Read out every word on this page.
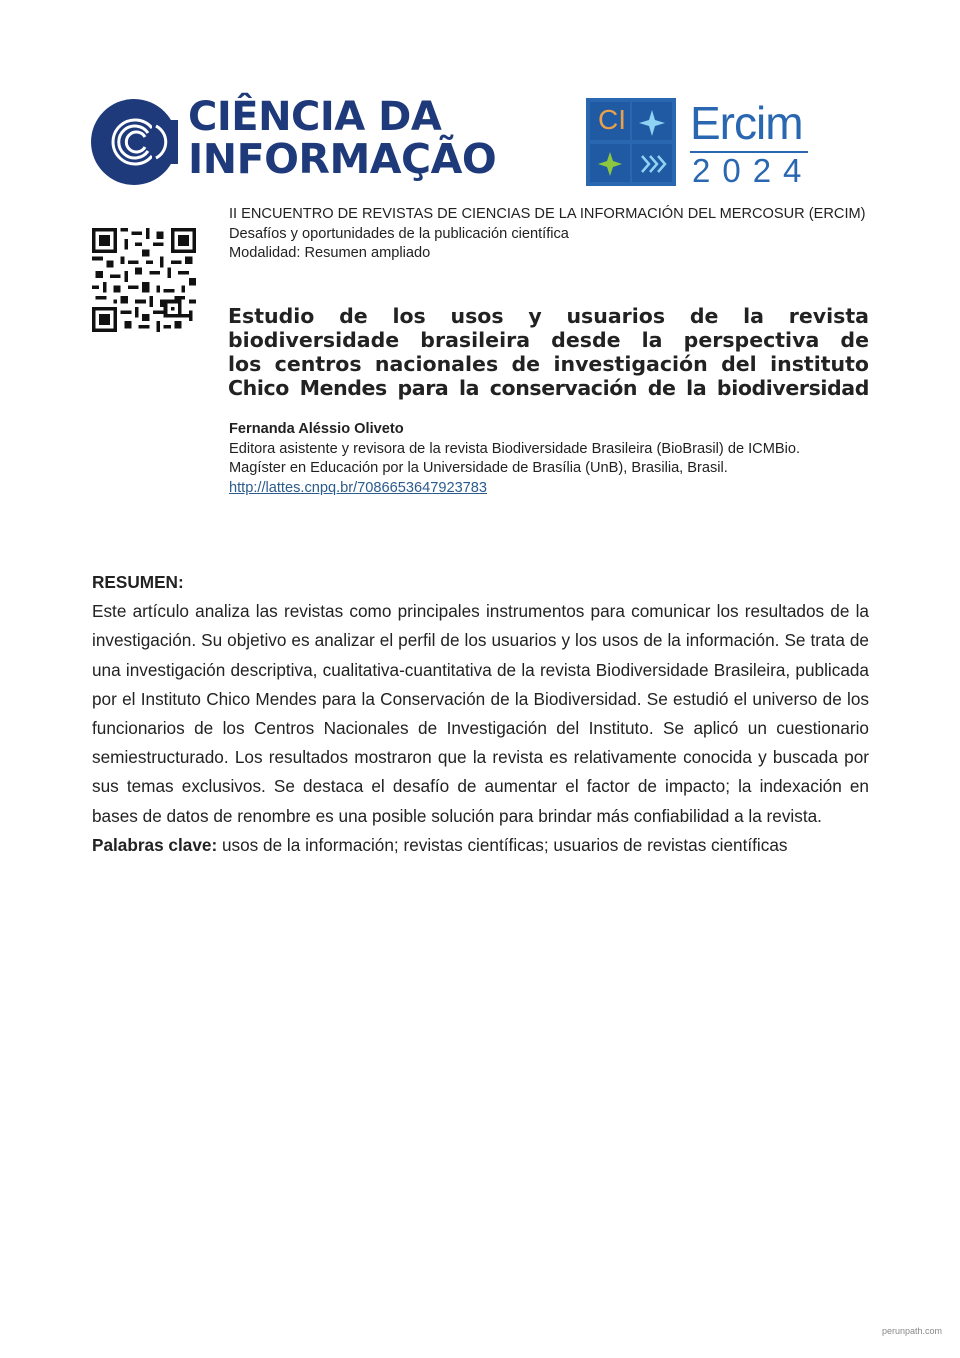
CIÊNCIA DA
INFORMAÇÃO
CI Ercim
2024
II ENCUENTRO DE REVISTAS DE CIENCIAS DE LA INFORMACIÓN DEL MERCOSUR (ERCIM)
Desafíos y oportunidades de la publicación científica
Modalidad: Resumen ampliado
Estudio de los usos y usuarios de la revista
biodiversidade brasileira desde la perspectiva de
los centros nacionales de investigación del instituto
Chico Mendes para la conservación de la biodiversidad
Fernanda Aléssio Oliveto
Editora asistente y revisora de la revista Biodiversidade Brasileira (BioBrasil) de ICMBio.
Magíster en Educación por la Universidade de Brasília (UnB), Brasilia, Brasil.
http://lattes.cnpq.br/7086653647923783
RESUMEN:
Este artículo analiza las revistas como principales instrumentos para comunicar los resultados de la investigación. Su objetivo es analizar el perfil de los usuarios y los usos de la información. Se trata de una investigación descriptiva, cualitativa-cuantitativa de la revista Biodiversidade Brasileira, publicada por el Instituto Chico Mendes para la Conservación de la Biodiversidad. Se estudió el universo de los funcionarios de los Centros Nacionales de Investigación del Instituto. Se aplicó un cuestionario semiestructurado. Los resultados mostraron que la revista es relativamente conocida y buscada por sus temas exclusivos. Se destaca el desafío de aumentar el factor de impacto; la indexación en bases de datos de renombre es una posible solución para brindar más confiabilidad a la revista.
Palabras clave: usos de la información; revistas científicas; usuarios de revistas científicas
perunpath.com
